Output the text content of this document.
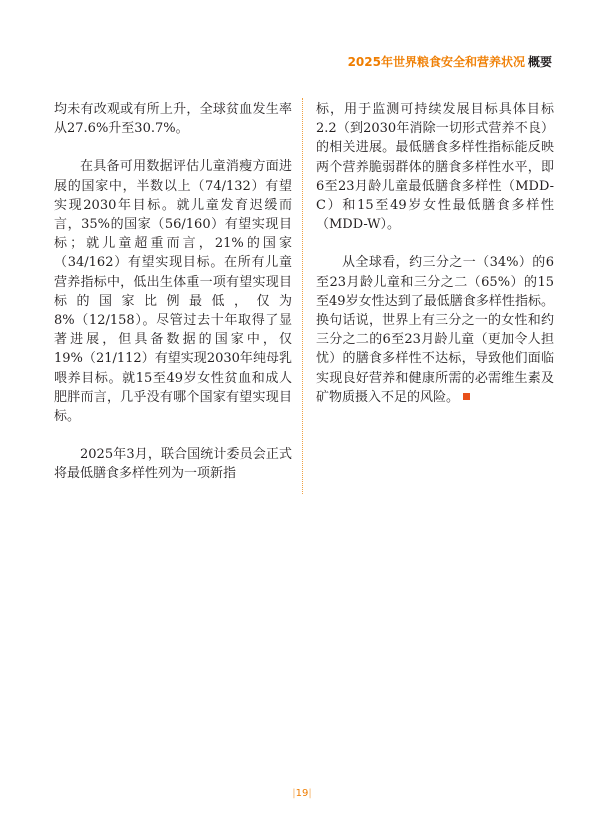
2025年世界粮食安全和营养状况 概要

均未有改观或有所上升，全球贫血发生率从27.6%升至30.7%。

在具备可用数据评估儿童消瘦方面进展的国家中，半数以上（74/132）有望实现2030年目标。就儿童发育迟缓而言，35%的国家（56/160）有望实现目标；就儿童超重而言，21%的国家（34/162）有望实现目标。在所有儿童营养指标中，低出生体重一项有望实现目标的国家比例最低，仅为8%（12/158）。尽管过去十年取得了显著进展，但具备数据的国家中，仅19%（21/112）有望实现2030年纯母乳喂养目标。就15至49岁女性贫血和成人肥胖而言，几乎没有哪个国家有望实现目标。

2025年3月，联合国统计委员会正式将最低膳食多样性列为一项新指

标，用于监测可持续发展目标具体目标2.2（到2030年消除一切形式营养不良）的相关进展。最低膳食多样性指标能反映两个营养脆弱群体的膳食多样性水平，即6至23月龄儿童最低膳食多样性（MDD-C）和15至49岁女性最低膳食多样性（MDD-W）。

从全球看，约三分之一（34%）的6至23月龄儿童和三分之二（65%）的15至49岁女性达到了最低膳食多样性指标。换句话说，世界上有三分之一的女性和约三分之二的6至23月龄儿童（更加令人担忧）的膳食多样性不达标，导致他们面临实现良好营养和健康所需的必需维生素及矿物质摄入不足的风险。

|19|
